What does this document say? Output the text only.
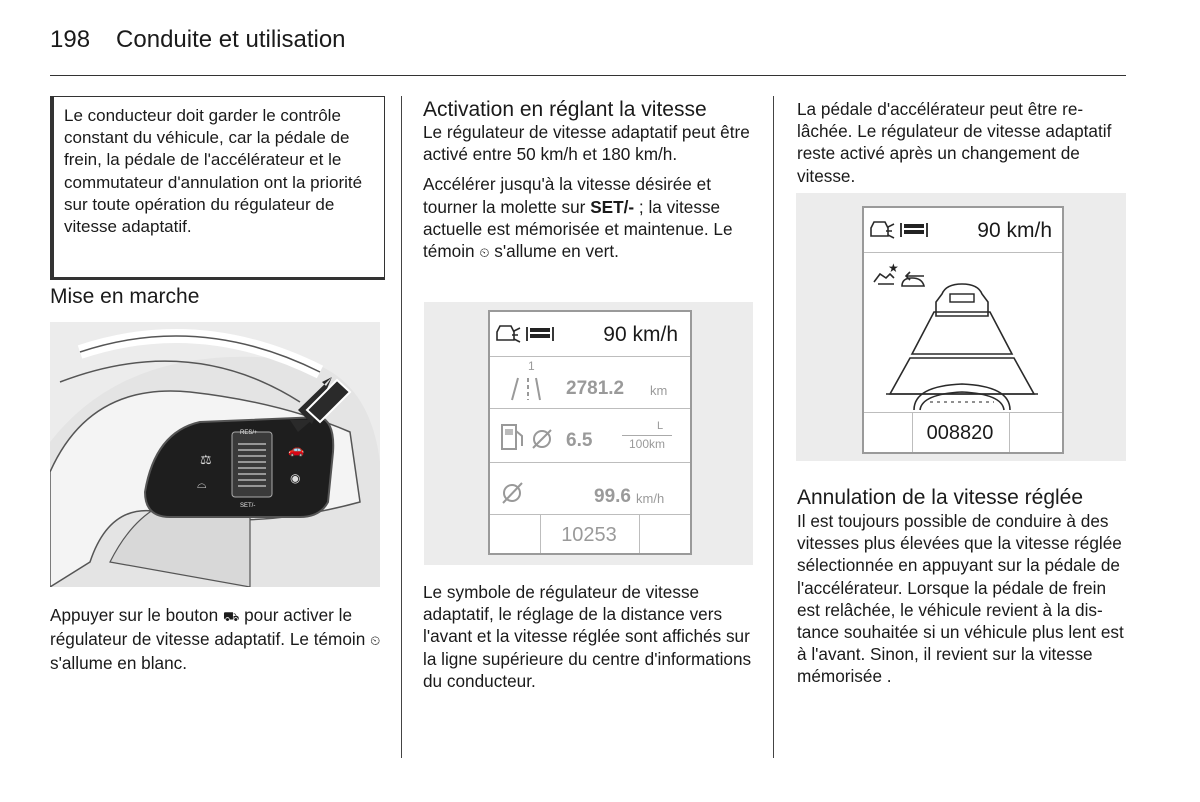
198 Conduite et utilisation
Le conducteur doit garder le contrôle constant du véhicule, car la pédale de frein, la pédale de l'accélérateur et le commutateur d'annulation ont la priorité sur toute opération du régulateur de vitesse adaptatif.
Mise en marche
RES/+
SET/-
⚖
⌓
🚗
◉
Appuyer sur le bouton ⛟ pour activer le régulateur de vitesse adaptatif. Le témoin ⏲ s'allume en blanc.
Activation en réglant la vitesse

Le régulateur de vitesse adaptatif peut être activé entre 50 km/h et 180 km/h.

Accélérer jusqu'à la vitesse désirée et tourner la molette sur SET/- ; la vitesse actuelle est mémorisée et maintenue. Le témoin ⏲ s'allume en vert.

90 km/h
1
2781.2 km
6.5
L
100km
99.6 km/h
10253

Le symbole de régulateur de vitesse adaptatif, le réglage de la distance vers l'avant et la vitesse réglée sont affichés sur la ligne supérieure du centre d'informations du conducteur.

La pédale d'accélérateur peut être relâchée. Le régulateur de vitesse adaptatif reste activé après un changement de vitesse.

90 km/h
★
008820
Annulation de la vitesse réglée

Il est toujours possible de conduire à des vitesses plus élevées que la vitesse réglée sélectionnée en appuyant sur la pédale de l'accélérateur. Lorsque la pédale de frein est relâchée, le véhicule revient à la distance souhaitée si un véhicule plus lent est à l'avant. Sinon, il revient sur la vitesse mémorisée .
